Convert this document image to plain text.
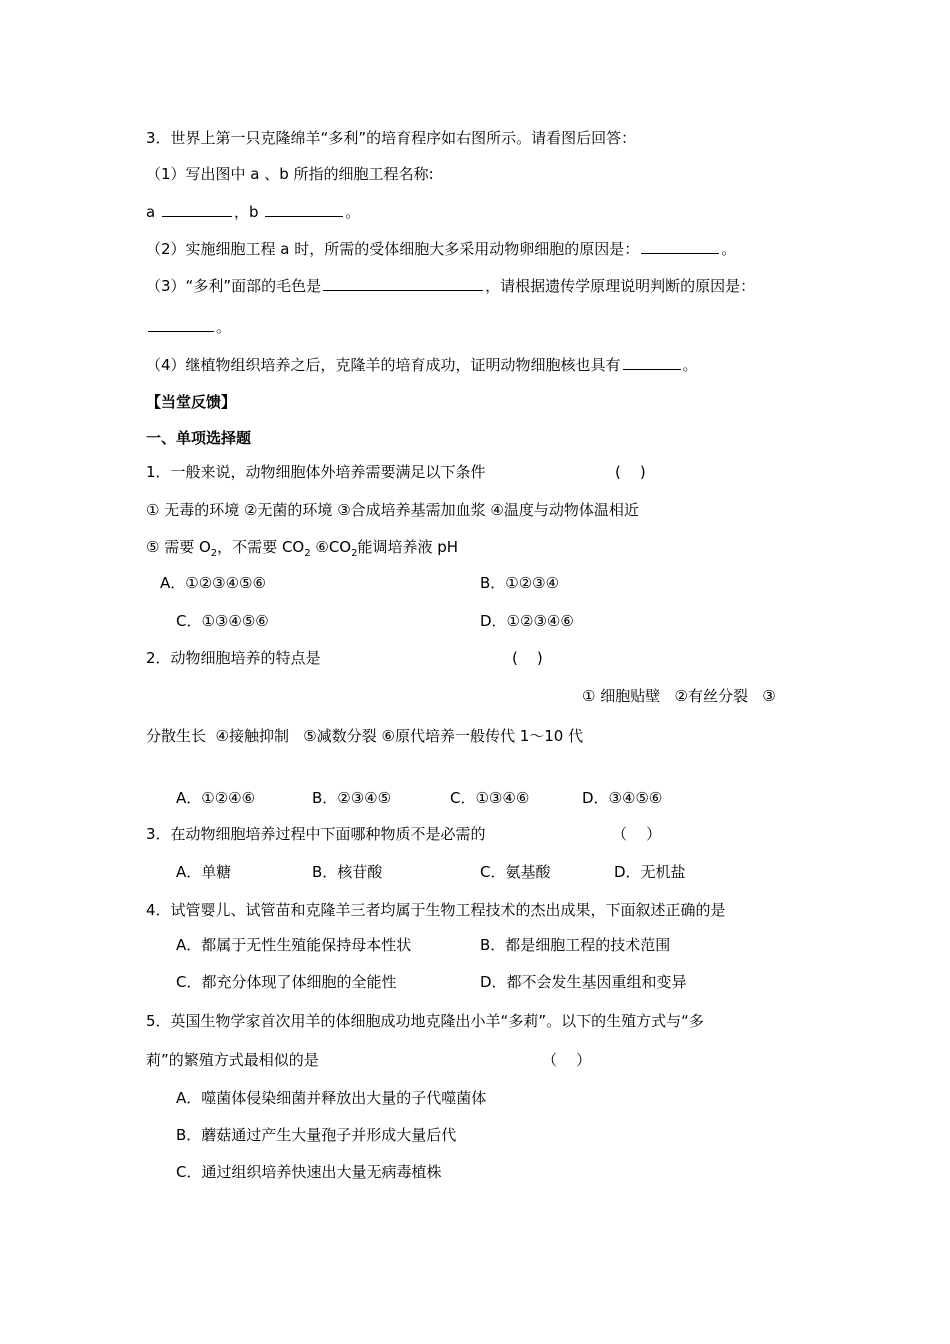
3．世界上第一只克隆绵羊“多利”的培育程序如右图所示。请看图后回答：
（1）写出图中 a 、b 所指的细胞工程名称:
a	，b	。
（2）实施细胞工程 a 时，所需的受体细胞大多采用动物卵细胞的原因是：	。
（3）“多利”面部的毛色是	，请根据遗传学原理说明判断的原因是：
。
（4）继植物组织培养之后，克隆羊的培育成功，证明动物细胞核也具有	。
【当堂反馈】
一、单项选择题
1．一般来说，动物细胞体外培养需要满足以下条件	(    )
① 无毒的环境 ②无菌的环境 ③合成培养基需加血浆 ④温度与动物体温相近
⑤ 需要 $O_2$，不需要 $CO_2$ $⑥CO_2$能调培养液 pH
A．①②③④⑤⑥	B．①②③④
C．①③④⑤⑥	D．①②③④⑥
2．动物细胞培养的特点是	(    )
① 细胞贴壁   ②有丝分裂   ③
分散生长  ④接触抑制   ⑤减数分裂 ⑥原代培养一般传代 1～10 代
A．①②④⑥	B．②③④⑤	C．①③④⑥	D．③④⑤⑥
3．在动物细胞培养过程中下面哪种物质不是必需的	（    ）
A．单糖	B．核苷酸	C．氨基酸	D．无机盐
4．试管婴儿、试管苗和克隆羊三者均属于生物工程技术的杰出成果，下面叙述正确的是
A．都属于无性生殖能保持母本性状	B．都是细胞工程的技术范围
C．都充分体现了体细胞的全能性	D．都不会发生基因重组和变异
5．英国生物学家首次用羊的体细胞成功地克隆出小羊“多莉”。以下的生殖方式与“多
莉”的繁殖方式最相似的是	（    ）
A．噬菌体侵染细菌并释放出大量的子代噬菌体
B．蘑菇通过产生大量孢子并形成大量后代
C．通过组织培养快速出大量无病毒植株
